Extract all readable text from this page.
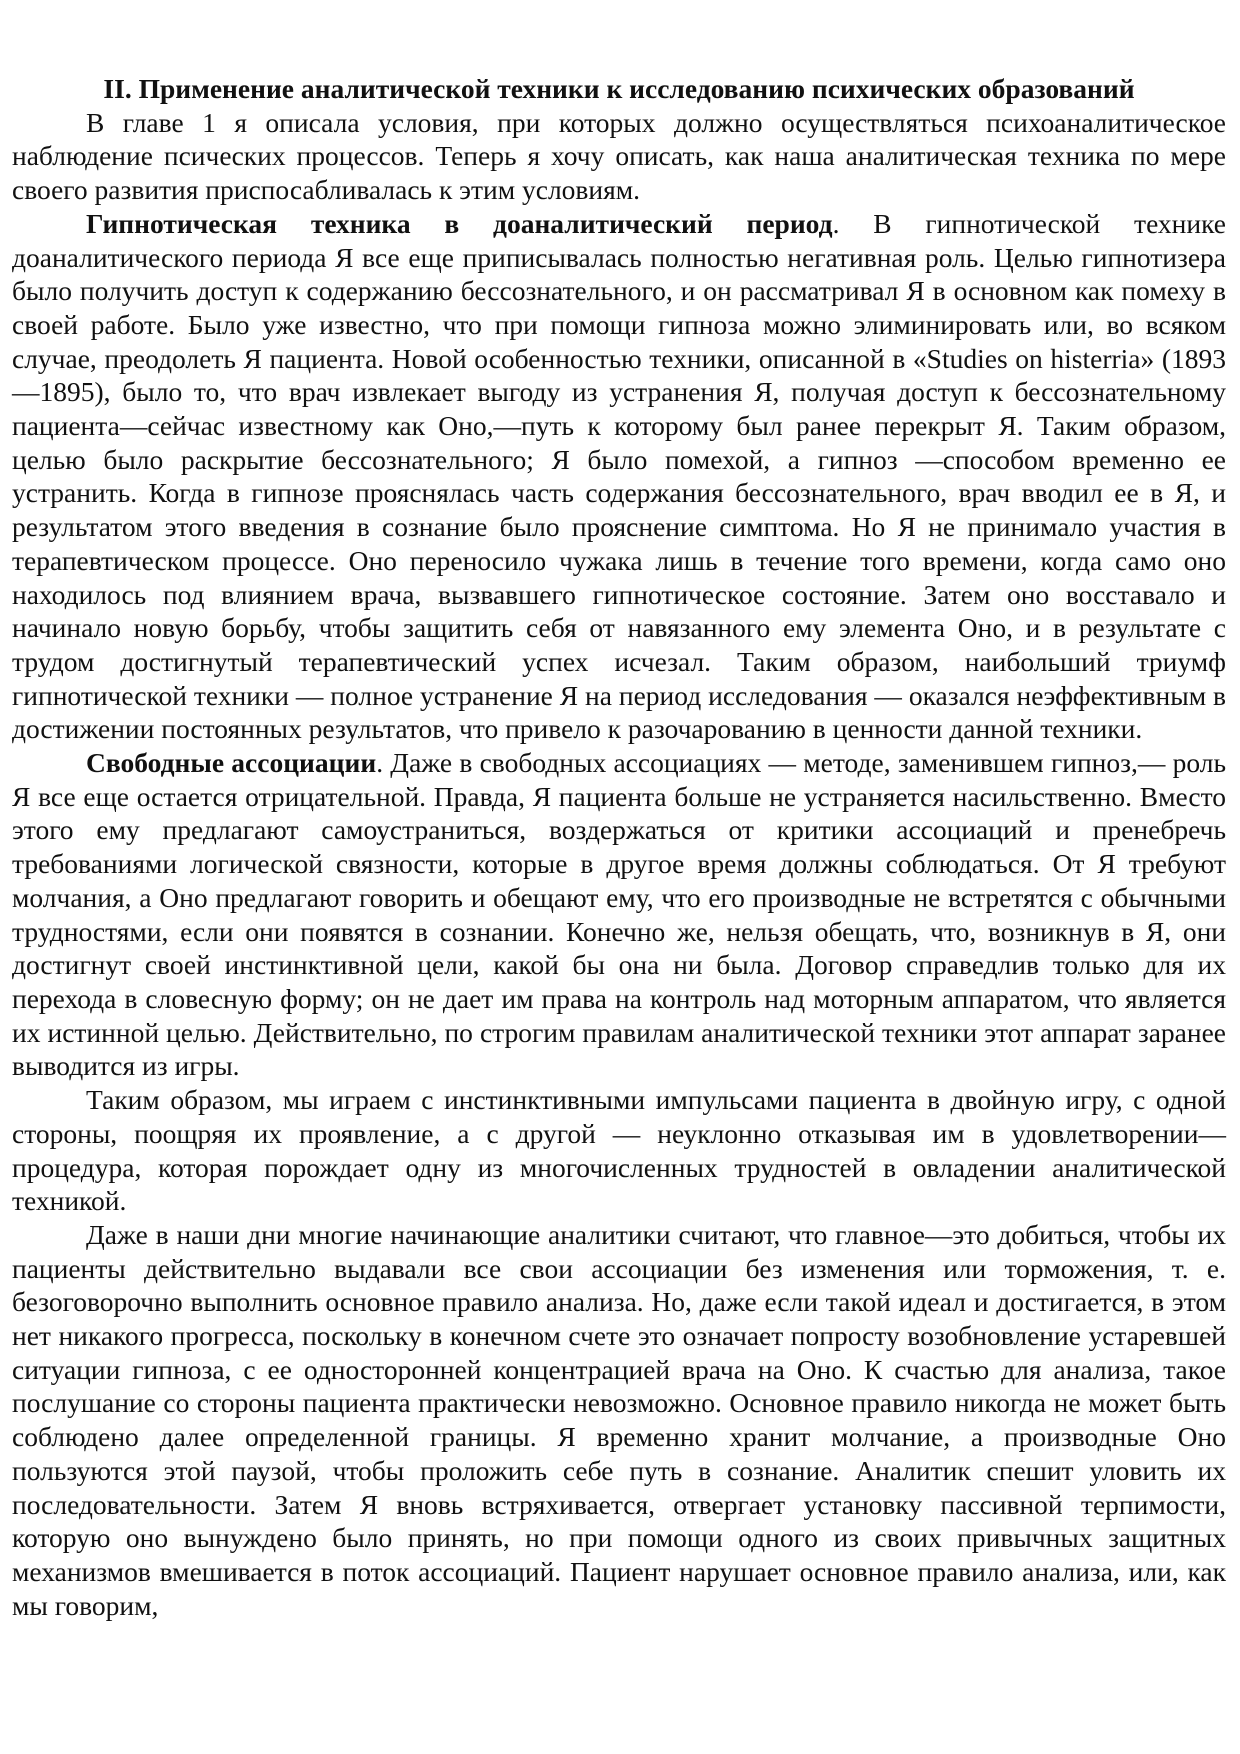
II. Применение аналитической техники к исследованию психических образований

В главе 1 я описала условия, при которых должно осуществляться психоаналитическое наблюдение псичеcких процессов. Теперь я хочу описать, как наша аналитическая техника по мере своего развития приспосабливалась к этим условиям.

Гипнотическая техника в доаналитический период. В гипнотической технике доаналитического периода Я все еще приписывалась полностью негативная роль. Целью гипнотизера было получить доступ к содержанию бессознательного, и он рассматривал Я в основном как помеху в своей работе. Было уже известно, что при помощи гипноза можно элиминировать или, во всяком случае, преодолеть Я пациента. Новой особенностью техники, описанной в «Studies on histerria» (1893—1895), было то, что врач извлекает выгоду из устранения Я, получая доступ к бессознательному пациента—сейчас известному как Оно,—путь к которому был ранее перекрыт Я. Таким образом, целью было раскрытие бессознательного; Я было помехой, а гипноз —способом временно ее устранить. Когда в гипнозе прояснялась часть содержания бессознательного, врач вводил ее в Я, и результатом этого введения в сознание было прояснение симптома. Но Я не принимало участия в терапевтическом процессе. Оно переносило чужака лишь в течение того времени, когда само оно находилось под влиянием врача, вызвавшего гипнотическое состояние. Затем оно восставало и начинало новую борьбу, чтобы защитить себя от навязанного ему элемента Оно, и в результате с трудом достигнутый терапевтический успех исчезал. Таким образом, наибольший триумф гипнотической техники — полное устранение Я на период исследования — оказался неэффективным в достижении постоянных результатов, что привело к разочарованию в ценности данной техники.

Свободные ассоциации. Даже в свободных ассоциациях — методе, заменившем гипноз,— роль Я все еще остается отрицательной. Правда, Я пациента больше не устраняется насильственно. Вместо этого ему предлагают самоустраниться, воздержаться от критики ассоциаций и пренебречь требованиями логической связности, которые в другое время должны соблюдаться. От Я требуют молчания, а Оно предлагают говорить и обещают ему, что его производные не встретятся с обычными трудностями, если они появятся в сознании. Конечно же, нельзя обещать, что, возникнув в Я, они достигнут своей инстинктивной цели, какой бы она ни была. Договор справедлив только для их перехода в словесную форму; он не дает им права на контроль над моторным аппаратом, что является их истинной целью. Действительно, по строгим правилам аналитической техники этот аппарат заранее выводится из игры.

Таким образом, мы играем с инстинктивными импульсами пациента в двойную игру, с одной стороны, поощряя их проявление, а с другой — неуклонно отказывая им в удовлетворении—процедура, которая порождает одну из многочисленных трудностей в овладении аналитической техникой.

Даже в наши дни многие начинающие аналитики считают, что главное—это добиться, чтобы их пациенты действительно выдавали все свои ассоциации без изменения или торможения, т. е. безоговорочно выполнить основное правило анализа. Но, даже если такой идеал и достигается, в этом нет никакого прогресса, поскольку в конечном счете это означает попросту возобновление устаревшей ситуации гипноза, с ее односторонней концентрацией врача на Оно. К счастью для анализа, такое послушание со стороны пациента практически невозможно. Основное правило никогда не может быть соблюдено далее определенной границы. Я временно хранит молчание, а производные Оно пользуются этой паузой, чтобы проложить себе путь в сознание. Аналитик спешит уловить их последовательности. Затем Я вновь встряхивается, отвергает установку пассивной терпимости, которую оно вынуждено было принять, но при помощи одного из своих привычных защитных механизмов вмешивается в поток ассоциаций. Пациент нарушает основное правило анализа, или, как мы говорим,
